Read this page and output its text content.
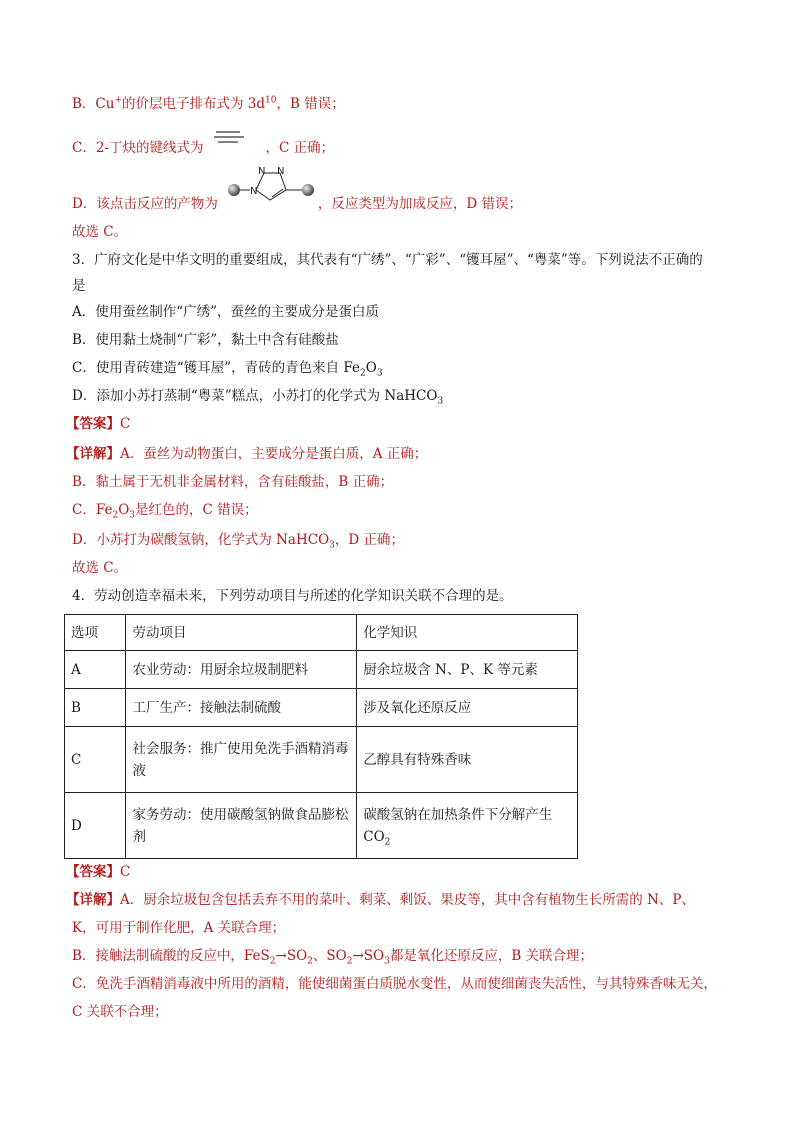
B．Cu+的价层电子排布式为 $3d^{10}$，B 错误；
C．2-丁炔的键线式为	，C 正确；
D．该点击反应的产物为	，反应类型为加成反应，D 错误；
N
N N
故选 C。
3．广府文化是中华文明的重要组成，其代表有“广绣”、“广彩”、“镬耳屋”、“粤菜”等。下列说法不正确的
是
A．使用蚕丝制作“广绣”，蚕丝的主要成分是蛋白质
B．使用黏土烧制“广彩”，黏土中含有硅酸盐
C．使用青砖建造“镬耳屋”，青砖的青色来自 $Fe_2O_3$
D．添加小苏打蒸制“粤菜”糕点，小苏打的化学式为 NaHCO$_3$
【答案】C
【详解】A．蚕丝为动物蛋白，主要成分是蛋白质，A 正确；
B．黏土属于无机非金属材料，含有硅酸盐，B 正确；
C．$Fe_2O_3$是红色的，C 错误；
D．小苏打为碳酸氢钠，化学式为 NaHCO$_3$，D 正确；
故选 C。
4．劳动创造幸福未来，下列劳动项目与所述的化学知识关联不合理的是。
选项	劳动项目	化学知识
A	农业劳动：用厨余垃圾制肥料	厨余垃圾含 N、P、K 等元素
B	工厂生产：接触法制硫酸	涉及氧化还原反应
C	社会服务：推广使用免洗手酒精消毒液	乙醇具有特殊香味
D	家务劳动：使用碳酸氢钠做食品膨松剂	碳酸氢钠在加热条件下分解产生
$CO_2$
【答案】C
【详解】A．厨余垃圾包含包括丢弃不用的菜叶、剩菜、剩饭、果皮等，其中含有植物生长所需的 N、P、
K，可用于制作化肥，A 关联合理；
B．接触法制硫酸的反应中，$FeS_2\to SO_2$、$SO_2\to SO_3$都是氧化还原反应，B 关联合理；
C．免洗手酒精消毒液中所用的酒精，能使细菌蛋白质脱水变性，从而使细菌丧失活性，与其特殊香味无关，
C 关联不合理；
